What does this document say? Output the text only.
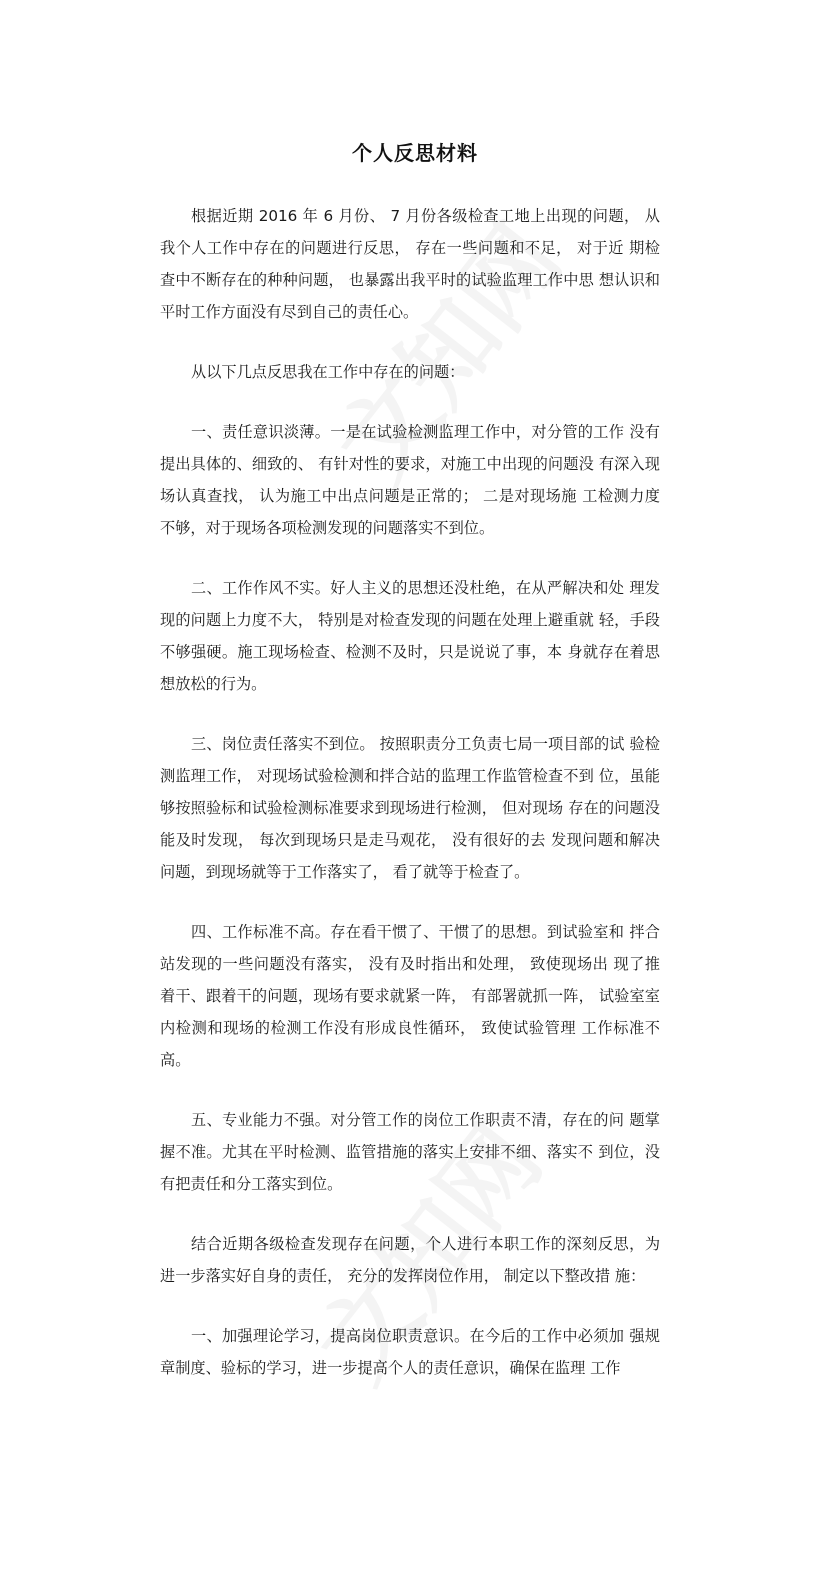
个人反思材料

根据近期 2016 年 6 月份、 7 月份各级检查工地上出现的问题， 从我个人工作中存在的问题进行反思， 存在一些问题和不足， 对于近 期检查中不断存在的种种问题， 也暴露出我平时的试验监理工作中思 想认识和平时工作方面没有尽到自己的责任心。

从以下几点反思我在工作中存在的问题：

一、责任意识淡薄。一是在试验检测监理工作中，对分管的工作 没有提出具体的、细致的、 有针对性的要求，对施工中出现的问题没 有深入现场认真查找， 认为施工中出点问题是正常的； 二是对现场施 工检测力度不够，对于现场各项检测发现的问题落实不到位。

二、工作作风不实。好人主义的思想还没杜绝，在从严解决和处 理发现的问题上力度不大， 特别是对检查发现的问题在处理上避重就 轻，手段不够强硬。施工现场检查、检测不及时，只是说说了事，本 身就存在着思想放松的行为。

三、岗位责任落实不到位。 按照职责分工负责七局一项目部的试 验检测监理工作， 对现场试验检测和拌合站的监理工作监管检查不到 位，虽能够按照验标和试验检测标准要求到现场进行检测， 但对现场 存在的问题没能及时发现， 每次到现场只是走马观花， 没有很好的去 发现问题和解决问题，到现场就等于工作落实了， 看了就等于检查了。

四、工作标准不高。存在看干惯了、干惯了的思想。到试验室和 拌合站发现的一些问题没有落实， 没有及时指出和处理， 致使现场出 现了推着干、跟着干的问题，现场有要求就紧一阵， 有部署就抓一阵， 试验室室内检测和现场的检测工作没有形成良性循环， 致使试验管理 工作标准不高。

五、专业能力不强。对分管工作的岗位工作职责不清，存在的问 题掌握不准。尤其在平时检测、监管措施的落实上安排不细、落实不 到位，没有把责任和分工落实到位。

结合近期各级检查发现存在问题，个人进行本职工作的深刻反思，为进一步落实好自身的责任， 充分的发挥岗位作用， 制定以下整改措 施：

一、加强理论学习，提高岗位职责意识。在今后的工作中必须加 强规章制度、验标的学习，进一步提高个人的责任意识，确保在监理 工作
